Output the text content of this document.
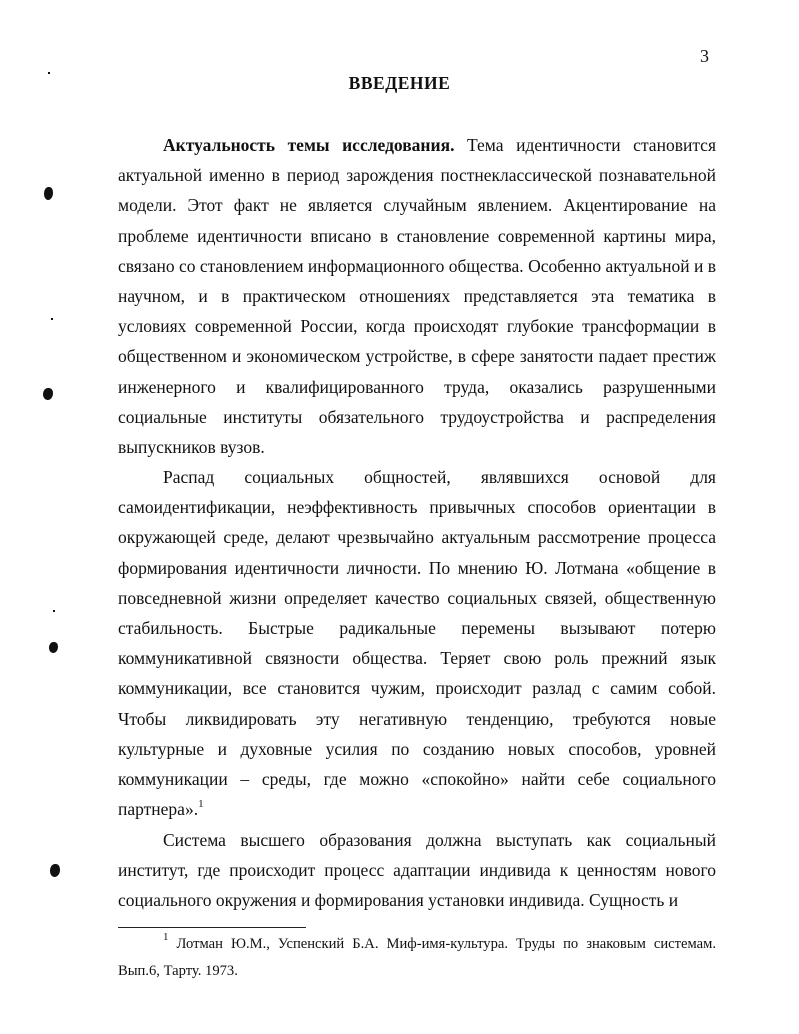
3
ВВЕДЕНИЕ

Актуальность темы исследования. Тема идентичности становится актуальной именно в период зарождения постнеклассической познавательной модели. Этот факт не является случайным явлением. Акцентирование на проблеме идентичности вписано в становление современной картины мира, связано со становлением информационного общества. Особенно актуальной и в научном, и в практическом отношениях представляется эта тематика в условиях современной России, когда происходят глубокие трансформации в общественном и экономическом устройстве, в сфере занятости падает престиж инженерного и квалифицированного труда, оказались разрушенными социальные институты обязательного трудоустройства и распределения выпускников вузов.

Распад социальных общностей, являвшихся основой для самоидентификации, неэффективность привычных способов ориентации в окружающей среде, делают чрезвычайно актуальным рассмотрение процесса формирования идентичности личности. По мнению Ю. Лотмана «общение в повседневной жизни определяет качество социальных связей, общественную стабильность. Быстрые радикальные перемены вызывают потерю коммуникативной связности общества. Теряет свою роль прежний язык коммуникации, все становится чужим, происходит разлад с самим собой. Чтобы ликвидировать эту негативную тенденцию, требуются новые культурные и духовные усилия по созданию новых способов, уровней коммуникации – среды, где можно «спокойно» найти себе социального партнера».$^1$

Система высшего образования должна выступать как социальный институт, где происходит процесс адаптации индивида к ценностям нового социального окружения и формирования установки индивида. Сущность и

$^1$ Лотман Ю.М., Успенский Б.А. Миф-имя-культура. Труды по знаковым системам. Вып.6, Тарту. 1973.
